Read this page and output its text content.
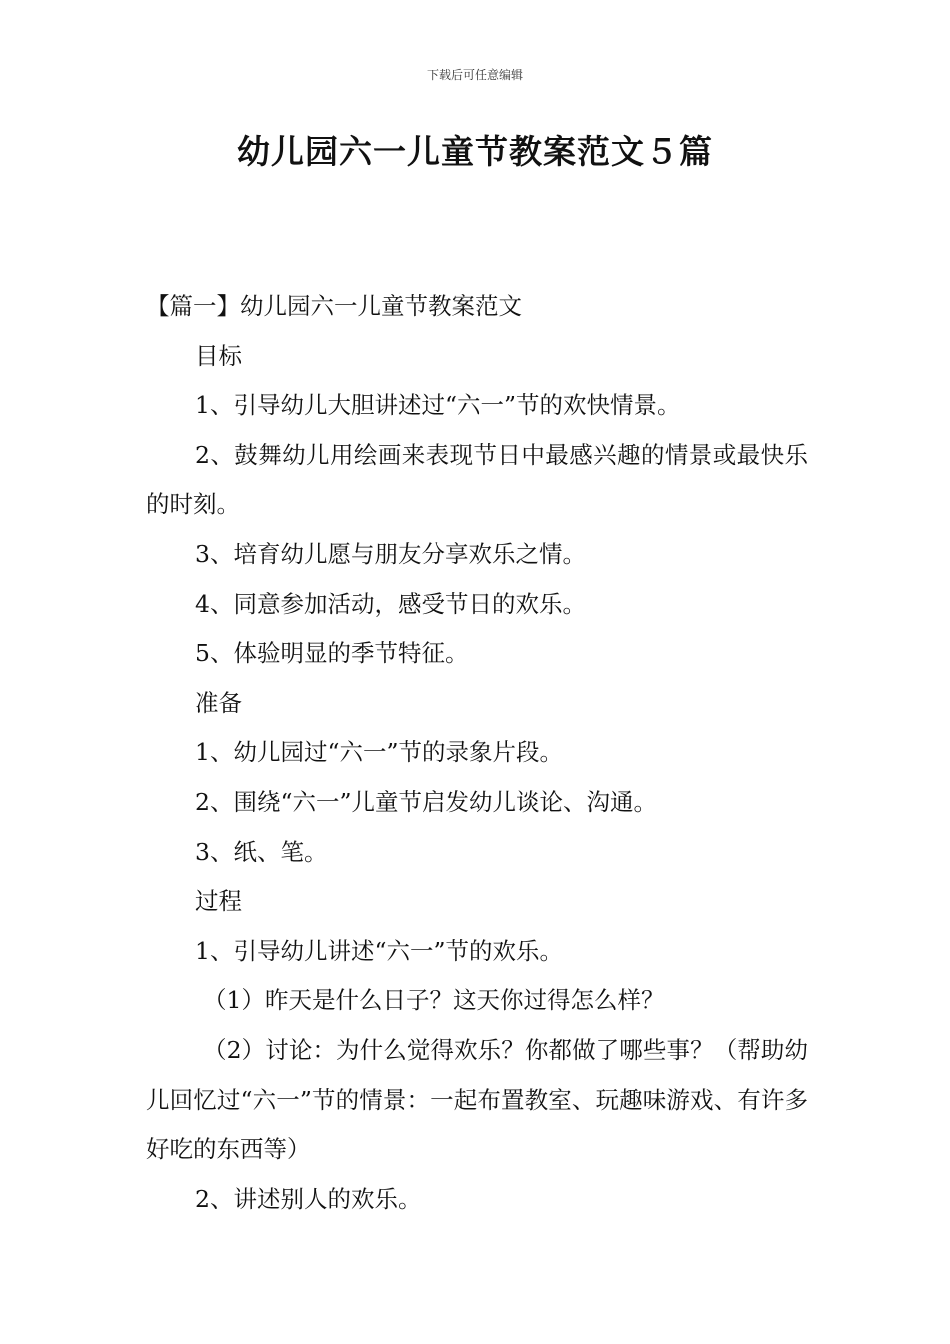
下载后可任意编辑
幼儿园六一儿童节教案范文５篇

【篇一】幼儿园六一儿童节教案范文

目标

1、引导幼儿大胆讲述过“六一”节的欢快情景。

2、鼓舞幼儿用绘画来表现节日中最感兴趣的情景或最快乐的时刻。

3、培育幼儿愿与朋友分享欢乐之情。

4、同意参加活动，感受节日的欢乐。

5、体验明显的季节特征。

准备

1、幼儿园过“六一”节的录象片段。

2、围绕“六一”儿童节启发幼儿谈论、沟通。

3、纸、笔。

过程

1、引导幼儿讲述“六一”节的欢乐。

（1）昨天是什么日子？这天你过得怎么样？

（2）讨论：为什么觉得欢乐？你都做了哪些事？（帮助幼儿回忆过“六一”节的情景：一起布置教室、玩趣味游戏、有许多好吃的东西等）

2、讲述别人的欢乐。
